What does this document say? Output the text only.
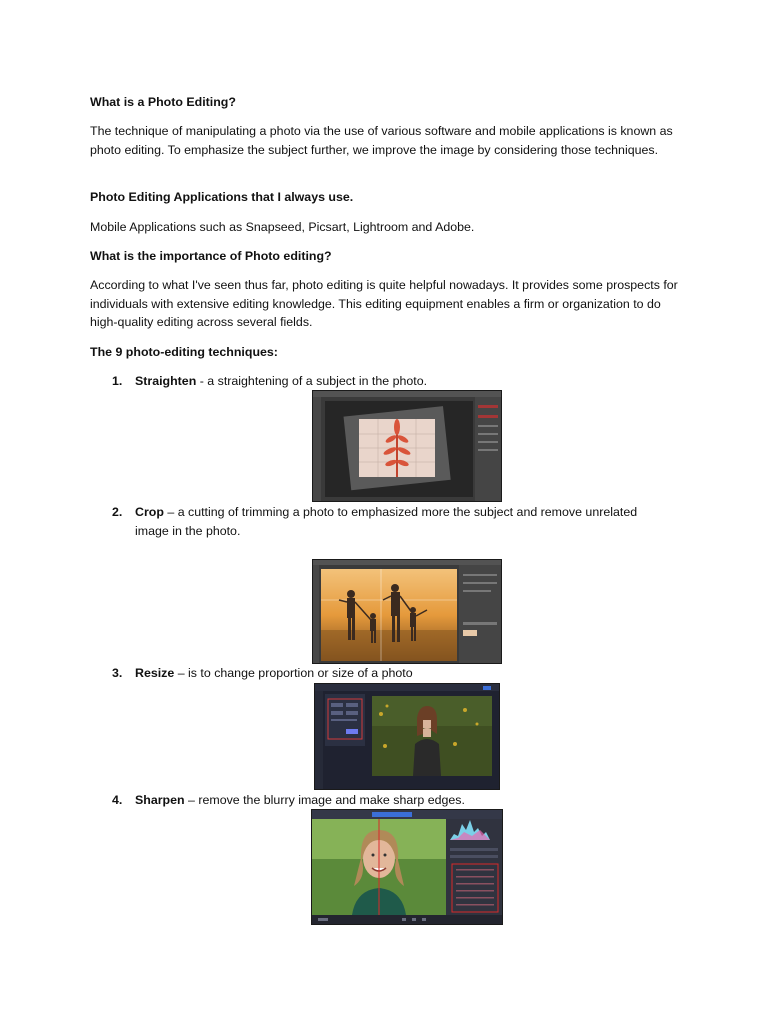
What is a Photo Editing?

The technique of manipulating a photo via the use of various software and mobile applications is known as photo editing. To emphasize the subject further, we improve the image by considering those techniques.

Photo Editing Applications that I always use.

Mobile Applications such as Snapseed, Picsart, Lightroom and Adobe.

What is the importance of Photo editing?

According to what I've seen thus far, photo editing is quite helpful nowadays. It provides some prospects for individuals with extensive editing knowledge. This editing equipment enables a firm or organization to do high-quality editing across several fields.

The 9 photo-editing techniques:

1. Straighten - a straightening of a subject in the photo.
2. Crop – a cutting of trimming a photo to emphasized more the subject and remove unrelated image in the photo.
3. Resize – is to change proportion or size of a photo
4. Sharpen – remove the blurry image and make sharp edges.
